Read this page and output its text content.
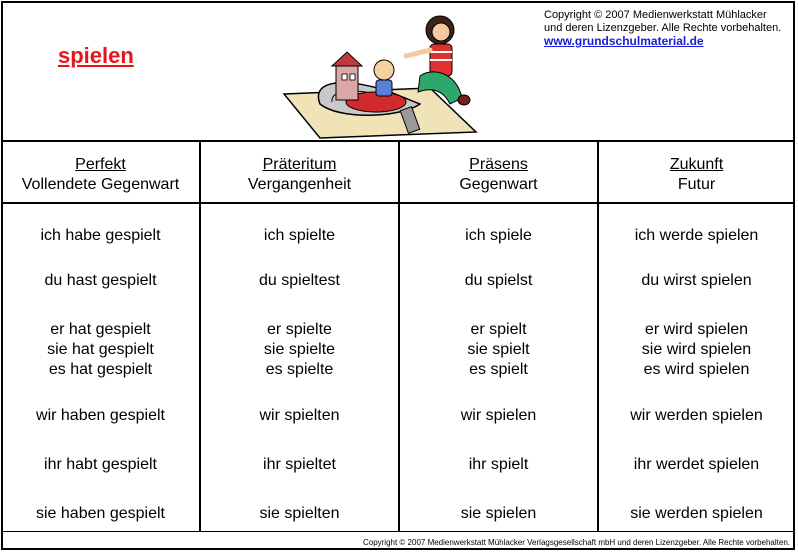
spielen
Copyright © 2007 Medienwerkstatt Mühlacker
und deren Lizenzgeber. Alle Rechte vorbehalten.
www.grundschulmaterial.de
Perfekt
Vollendete Gegenwart
ich habe gespielt
du hast gespielt
er hat gespielt
sie hat gespielt
es hat gespielt
wir haben gespielt
ihr habt gespielt
sie haben gespielt
Präteritum
Vergangenheit
ich spielte
du spieltest
er spielte
sie spielte
es spielte
wir spielten
ihr spieltet
sie spielten
Präsens
Gegenwart
ich spiele
du spielst
er spielt
sie spielt
es spielt
wir spielen
ihr spielt
sie spielen
Zukunft
Futur
ich werde spielen
du wirst spielen
er wird spielen
sie wird spielen
es wird spielen
wir werden spielen
ihr werdet spielen
sie werden spielen
Copyright © 2007 Medienwerkstatt Mühlacker Verlagsgesellschaft mbH und deren Lizenzgeber. Alle Rechte vorbehalten.
